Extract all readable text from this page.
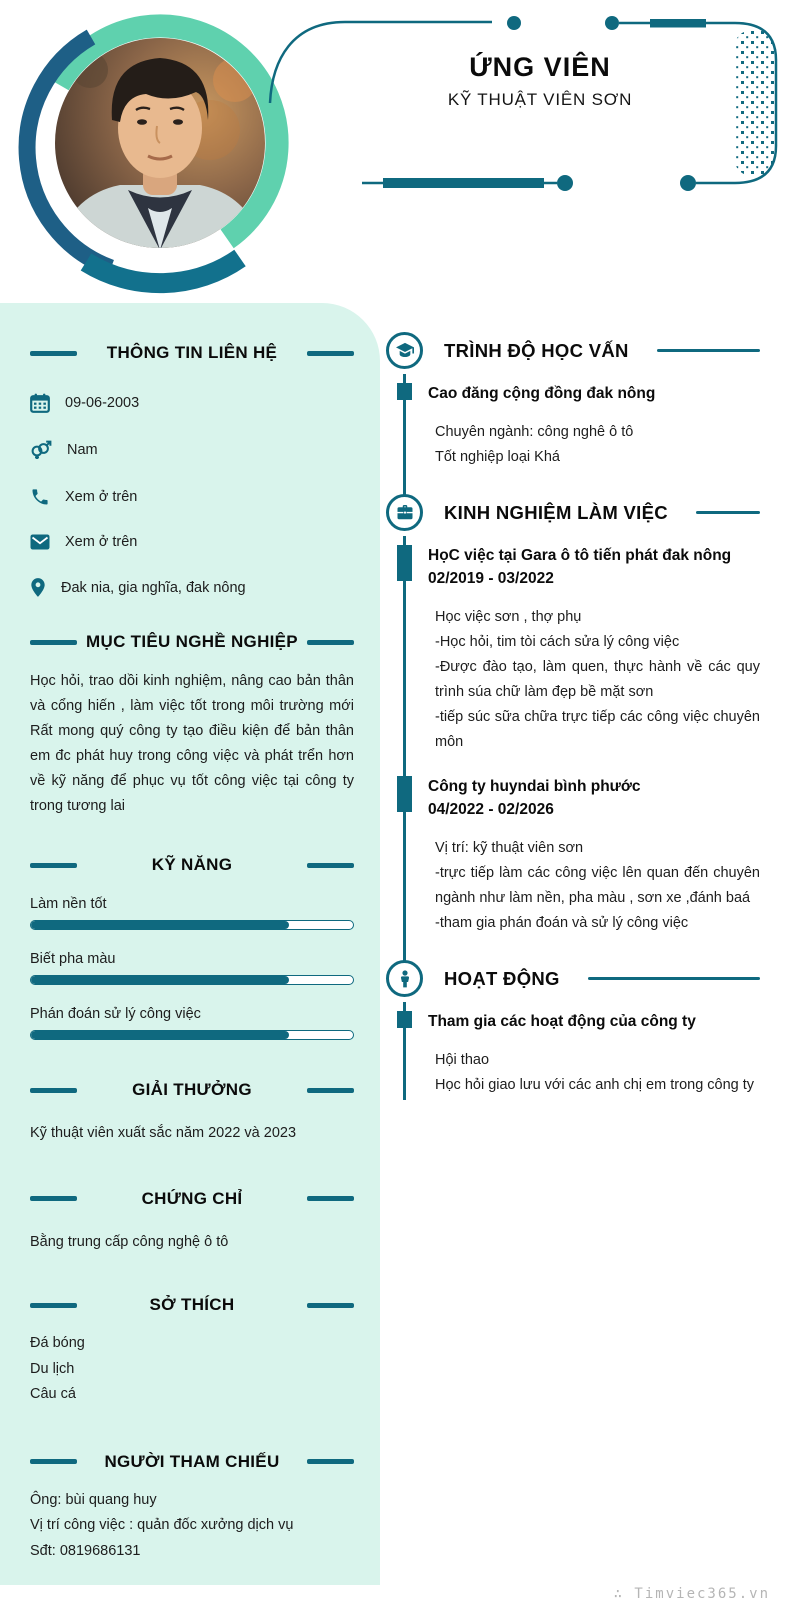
ỨNG VIÊN
KỸ THUẬT VIÊN SƠN
THÔNG TIN LIÊN HỆ
09-06-2003
Nam
Xem ở trên
Xem ở trên
Đak nia, gia nghĩa, đak nông
MỤC TIÊU NGHỀ NGHIỆP

Học hỏi, trao dồi kinh nghiệm, nâng cao bản thân và cổng hiến , làm việc tốt trong môi trường mới Rất mong quý công ty tạo điều kiện để bản thân em đc phát huy trong công việc và phát trển hơn về kỹ năng để phục vụ tốt công việc tại công ty trong tương lai

KỸ NĂNG
Làm nền tốt
Biết pha màu
Phán đoán sử lý công việc
GIẢI THƯỞNG

Kỹ thuật viên xuất sắc năm 2022 và 2023

CHỨNG CHỈ

Bằng trung cấp công nghệ ô tô

SỞ THÍCH

Đá bóng

Du lịch

Câu cá

NGƯỜI THAM CHIẾU

Ông: bùi quang huy

Vị trí công việc : quản đốc xưởng dịch vụ

Sđt: 0819686131

TRÌNH ĐỘ HỌC VẤN
Cao đăng cộng đồng đak nông

Chuyên ngành: công nghê ô tô

Tốt nghiệp loại Khá

KINH NGHIỆM LÀM VIỆC
HọC việc tại Gara ô tô tiến phát đak nông
02/2019 - 03/2022

Học việc sơn , thợ phụ

-Học hỏi, tim tòi cách sửa lý công việc

-Được đào tạo, làm quen, thực hành về các quy trình súa chữ làm đẹp bề mặt sơn

-tiếp súc sữa chữa trực tiếp các công việc chuyên môn

Công ty huyndai bình phước
04/2022 - 02/2026

Vị trí: kỹ thuật viên sơn

-trực tiếp làm các công việc lên quan đến chuyên ngành như làm nền, pha màu , sơn xe ,đánh baá

-tham gia phán đoán và sử lý công việc

HOẠT ĐỘNG
Tham gia các hoạt động của công ty

Hội thao

Học hỏi giao lưu với các anh chị em trong công ty

∴ Timviec365.vn
